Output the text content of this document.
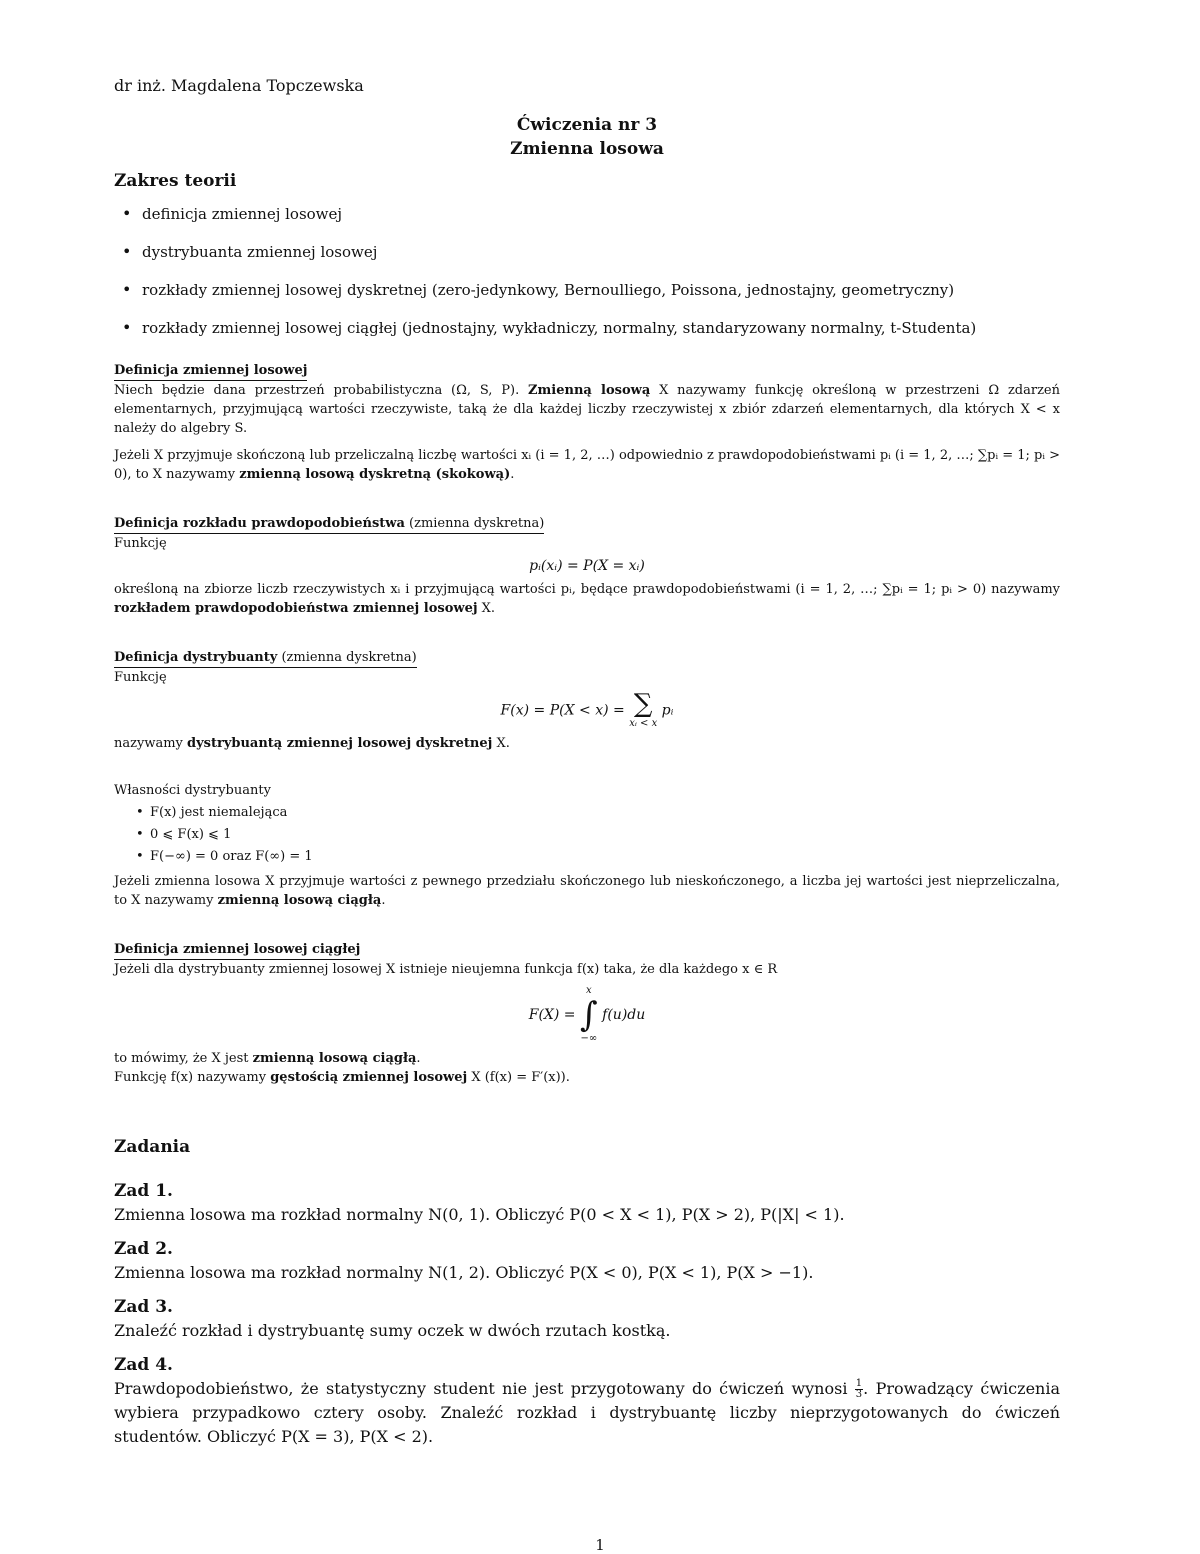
dr inż. Magdalena Topczewska

Ćwiczenia nr 3
Zmienna losowa
Zakres teorii
• definicja zmiennej losowej
• dystrybuanta zmiennej losowej
• rozkłady zmiennej losowej dyskretnej (zero-jedynkowy, Bernoulliego, Poissona, jednostajny, geometryczny)
• rozkłady zmiennej losowej ciągłej (jednostajny, wykładniczy, normalny, standaryzowany normalny, t-Studenta)
Definicja zmiennej losowej

Niech będzie dana przestrzeń probabilistyczna (Ω, S, P). Zmienną losową X nazywamy funkcję określoną w przestrzeni Ω zdarzeń elementarnych, przyjmującą wartości rzeczywiste, taką że dla każdej liczby rzeczywistej x zbiór zdarzeń elementarnych, dla których X < x należy do algebry S.

Jeżeli X przyjmuje skończoną lub przeliczalną liczbę wartości xᵢ (i = 1, 2, …) odpowiednio z prawdopodobieństwami pᵢ (i = 1, 2, …; ∑pᵢ = 1; pᵢ > 0), to X nazywamy zmienną losową dyskretną (skokową).

Definicja rozkładu prawdopodobieństwa (zmienna dyskretna)

Funkcję

pᵢ(xᵢ) = P(X = xᵢ)

określoną na zbiorze liczb rzeczywistych xᵢ i przyjmującą wartości pᵢ, będące prawdopodobieństwami (i = 1, 2, …; ∑pᵢ = 1; pᵢ > 0) nazywamy rozkładem prawdopodobieństwa zmiennej losowej X.

Definicja dystrybuanty (zmienna dyskretna)

Funkcję

F(x) = P(X < x) = ∑
xᵢ < x
pᵢ

nazywamy dystrybuantą zmiennej losowej dyskretnej X.

Własności dystrybuanty

• F(x) jest niemalejąca
• 0 ⩽ F(x) ⩽ 1
• F(−∞) = 0 oraz F(∞) = 1

Jeżeli zmienna losowa X przyjmuje wartości z pewnego przedziału skończonego lub nieskończonego, a liczba jej wartości jest nieprzeliczalna, to X nazywamy zmienną losową ciągłą.

Definicja zmiennej losowej ciągłej

Jeżeli dla dystrybuanty zmiennej losowej X istnieje nieujemna funkcja f(x) taka, że dla każdego x ∈ R

F(X) =
x
∫
−∞
f(u)du

to mówimy, że X jest zmienną losową ciągłą.

Funkcję f(x) nazywamy gęstością zmiennej losowej X (f(x) = F′(x)).

Zadania
Zad 1.
Zmienna losowa ma rozkład normalny N(0, 1). Obliczyć P(0 < X < 1), P(X > 2), P(|X| < 1).
Zad 2.
Zmienna losowa ma rozkład normalny N(1, 2). Obliczyć P(X < 0), P(X < 1), P(X > −1).
Zad 3.
Znaleźć rozkład i dystrybuantę sumy oczek w dwóch rzutach kostką.
Zad 4.
Prawdopodobieństwo, że statystyczny student nie jest przygotowany do ćwiczeń wynosi $\frac{1}{3}$ . Prowadzący ćwiczenia wybiera przypadkowo cztery osoby. Znaleźć rozkład i dystrybuantę liczby nieprzygotowanych do ćwiczeń studentów. Obliczyć P(X = 3), P(X < 2).
1
